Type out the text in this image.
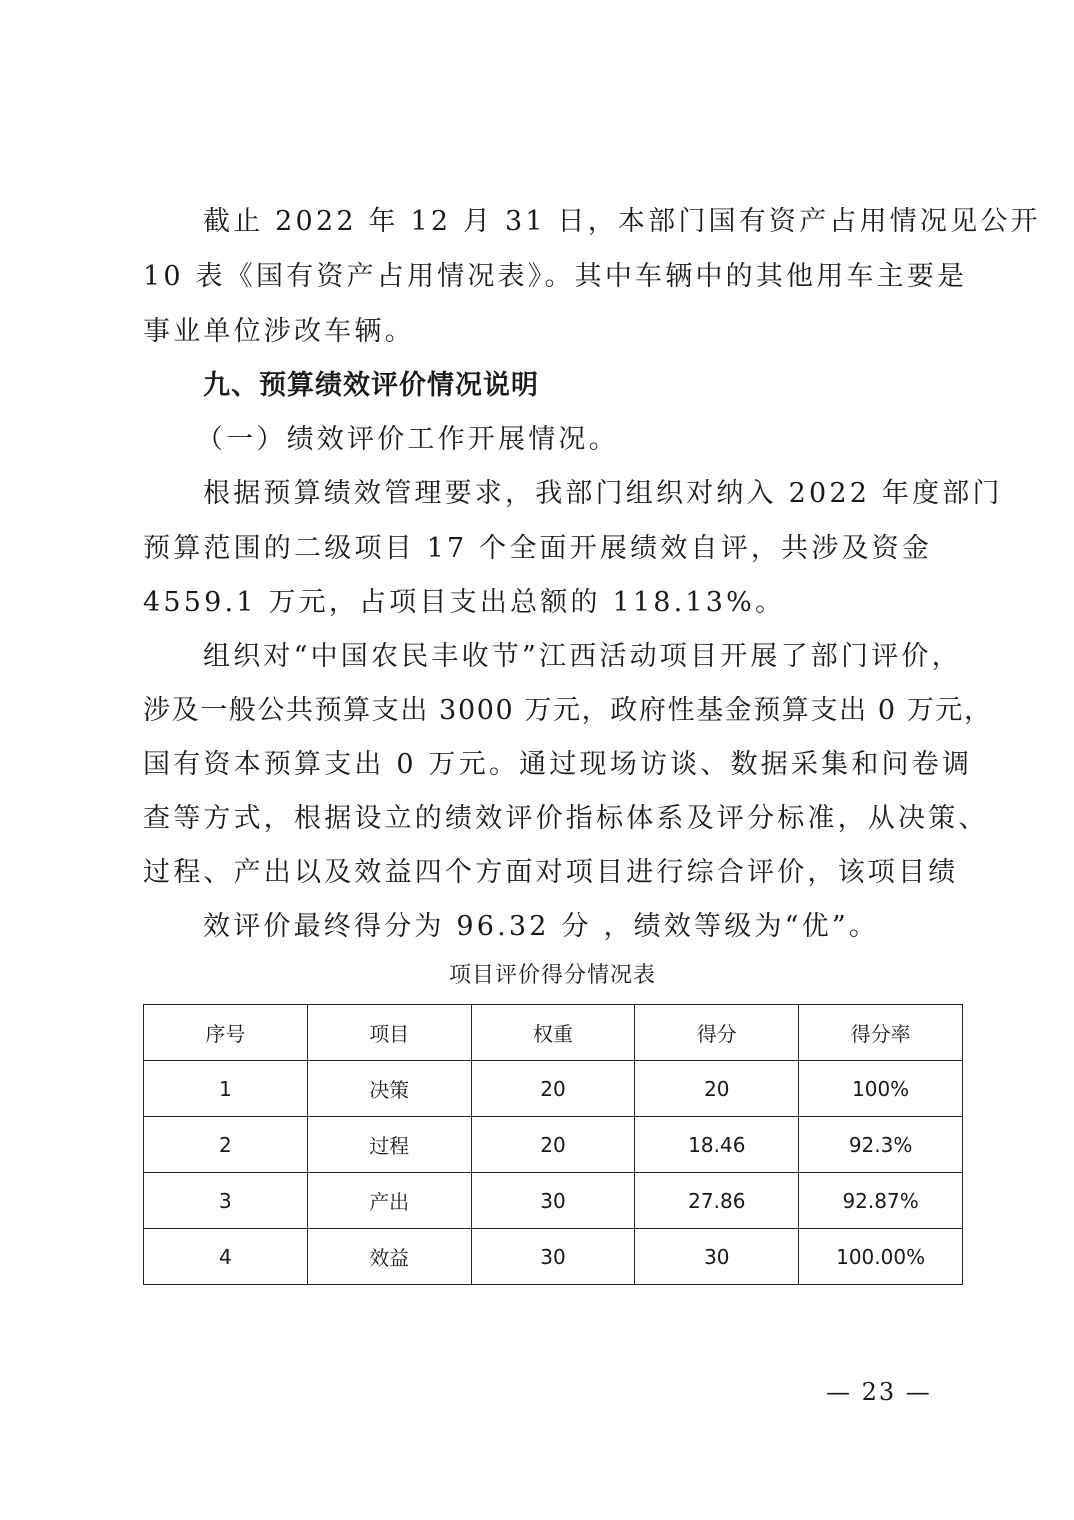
截止 2022 年 12 月 31 日，本部门国有资产占用情况见公开
10 表《国有资产占用情况表》。其中车辆中的其他用车主要是
事业单位涉改车辆。
九、预算绩效评价情况说明
（一）绩效评价工作开展情况。
根据预算绩效管理要求，我部门组织对纳入 2022 年度部门
预算范围的二级项目 17 个全面开展绩效自评，共涉及资金
4559.1 万元，占项目支出总额的 118.13%。
组织对“中国农民丰收节”江西活动项目开展了部门评价，
涉及一般公共预算支出 3000 万元，政府性基金预算支出 0 万元，
国有资本预算支出 0 万元。通过现场访谈、数据采集和问卷调
查等方式，根据设立的绩效评价指标体系及评分标准，从决策、
过程、产出以及效益四个方面对项目进行综合评价，该项目绩
效评价最终得分为 96.32 分 ，绩效等级为“优”。
项目评价得分情况表
序号	项目	权重	得分	得分率
1	决策	20	20	100%
2	过程	20	18.46	92.3%
3	产出	30	27.86	92.87%
4	效益	30	30	100.00%
— 23 —
